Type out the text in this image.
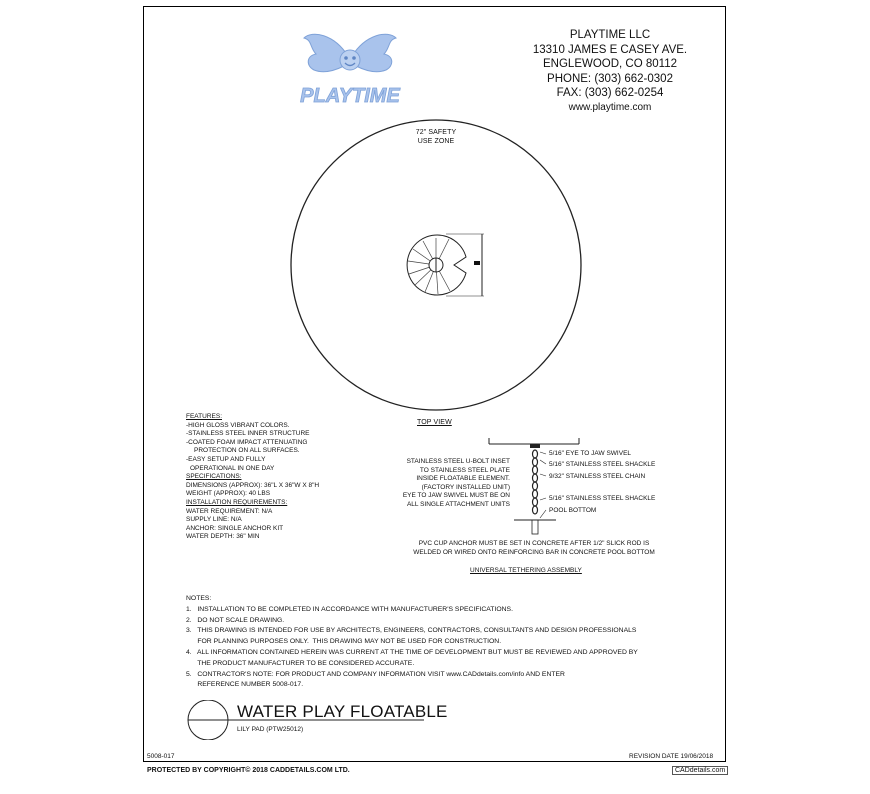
PLAYTIME
PLAYTIME LLC
13310 JAMES E CASEY AVE.
ENGLEWOOD, CO 80112
PHONE: (303) 662-0302
FAX: (303) 662-0254
www.playtime.com
72" SAFETY
USE ZONE
TOP VIEW
FEATURES:
-HIGH GLOSS VIBRANT COLORS.
-STAINLESS STEEL INNER STRUCTURE
-COATED FOAM IMPACT ATTENUATING
PROTECTION ON ALL SURFACES.
-EASY SETUP AND FULLY
OPERATIONAL IN ONE DAY
SPECIFICATIONS:
DIMENSIONS (APPROX): 36"L X 36"W X 8"H
WEIGHT (APPROX): 40 LBS
INSTALLATION REQUIREMENTS:
WATER REQUIREMENT: N/A
SUPPLY LINE: N/A
ANCHOR: SINGLE ANCHOR KIT
WATER DEPTH: 36" MIN
STAINLESS STEEL U-BOLT INSET
TO STAINLESS STEEL PLATE
INSIDE FLOATABLE ELEMENT.
(FACTORY INSTALLED UNIT)
EYE TO JAW SWIVEL MUST BE ON
ALL SINGLE ATTACHMENT UNITS
5/16" EYE TO JAW SWIVEL
5/16" STAINLESS STEEL SHACKLE
9/32" STAINLESS STEEL CHAIN
5/16" STAINLESS STEEL SHACKLE
POOL BOTTOM
PVC CUP ANCHOR MUST BE SET IN CONCRETE AFTER 1/2" SLICK ROD IS
WELDED OR WIRED ONTO REINFORCING BAR IN CONCRETE POOL BOTTOM
UNIVERSAL TETHERING ASSEMBLY
NOTES:
1.   INSTALLATION TO BE COMPLETED IN ACCORDANCE WITH MANUFACTURER'S SPECIFICATIONS.
2.   DO NOT SCALE DRAWING.
3.   THIS DRAWING IS INTENDED FOR USE BY ARCHITECTS, ENGINEERS, CONTRACTORS, CONSULTANTS AND DESIGN PROFESSIONALS
FOR PLANNING PURPOSES ONLY.  THIS DRAWING MAY NOT BE USED FOR CONSTRUCTION.
4.   ALL INFORMATION CONTAINED HEREIN WAS CURRENT AT THE TIME OF DEVELOPMENT BUT MUST BE REVIEWED AND APPROVED BY
THE PRODUCT MANUFACTURER TO BE CONSIDERED ACCURATE.
5.   CONTRACTOR'S NOTE: FOR PRODUCT AND COMPANY INFORMATION VISIT www.CADdetails.com/info AND ENTER
REFERENCE NUMBER 5008-017.
WATER PLAY FLOATABLE
LILY PAD (PTW25012)
5008-017	REVISION DATE 19/06/2018
PROTECTED BY COPYRIGHT© 2018 CADDETAILS.COM LTD.	CADdetails.com
